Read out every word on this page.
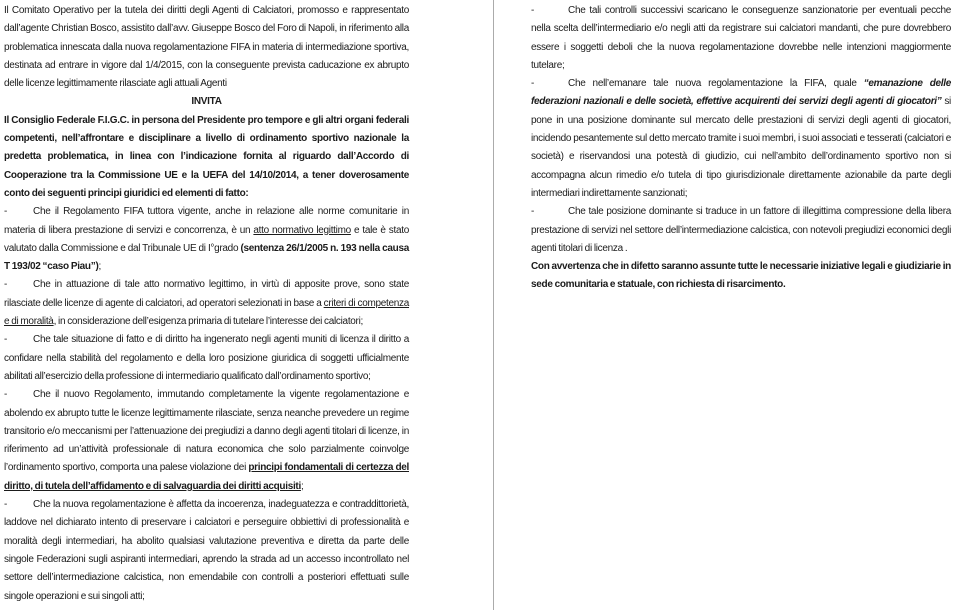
Il Comitato Operativo per la tutela dei diritti degli Agenti di Calciatori, promosso e rappresentato dall’agente Christian Bosco, assistito dall’avv. Giuseppe Bosco del Foro di Napoli, in riferimento alla problematica innescata dalla nuova regolamentazione FIFA in materia di intermediazione sportiva, destinata ad entrare in vigore dal 1/4/2015, con la conseguente prevista caducazione ex abrupto delle licenze legittimamente rilasciate agli attuali Agenti

INVITA

Il Consiglio Federale F.I.G.C. in persona del Presidente pro tempore e gli altri organi federali competenti, nell’affrontare e disciplinare a livello di ordinamento sportivo nazionale la predetta problematica, in linea con l’indicazione fornita al riguardo dall’Accordo di Cooperazione tra la Commissione UE e la UEFA del 14/10/2014, a tener doverosamente conto dei seguenti principi giuridici ed elementi di fatto:

-	Che il Regolamento FIFA tuttora vigente, anche in relazione alle norme comunitarie in materia di libera prestazione di servizi e concorrenza, è un atto normativo legittimo e tale è stato valutato dalla Commissione e dal Tribunale UE di I°grado (sentenza 26/1/2005 n. 193 nella causa T 193/02 “caso Piau”);

-	Che in attuazione di tale atto normativo legittimo, in virtù di apposite prove, sono state rilasciate delle licenze di agente di calciatori, ad operatori selezionati in base a criteri di competenza e di moralità, in considerazione dell’esigenza primaria di tutelare l’interesse dei calciatori;

-	Che tale situazione di fatto e di diritto ha ingenerato negli agenti muniti di licenza il diritto a confidare nella stabilità del regolamento e della loro posizione giuridica di soggetti ufficialmente abilitati all’esercizio della professione di intermediario qualificato dall’ordinamento sportivo;

-	Che il nuovo Regolamento, immutando completamente la vigente regolamentazione e abolendo ex abrupto tutte le licenze legittimamente rilasciate, senza neanche prevedere un regime transitorio e/o meccanismi per l’attenuazione dei pregiudizi a danno degli agenti titolari di licenze, in riferimento ad un’attività professionale di natura economica che solo parzialmente coinvolge l’ordinamento sportivo, comporta una palese violazione dei principi fondamentali di certezza del diritto, di tutela dell’affidamento e di salvaguardia dei diritti acquisiti;

-	Che la nuova regolamentazione è affetta da incoerenza, inadeguatezza e contraddittorietà, laddove nel dichiarato intento di preservare i calciatori e perseguire obbiettivi di professionalità e moralità degli intermediari, ha abolito qualsiasi valutazione preventiva e diretta da parte delle singole Federazioni sugli aspiranti intermediari, aprendo la strada ad un accesso incontrollato nel settore dell’intermediazione calcistica, non emendabile con controlli a posteriori effettuati sulle singole operazioni e sui singoli atti;

-	Che tali controlli successivi scaricano le conseguenze sanzionatorie per eventuali pecche nella scelta dell’intermediario e/o negli atti da registrare sui calciatori mandanti, che pure dovrebbero essere i soggetti deboli che la nuova regolamentazione dovrebbe nelle intenzioni maggiormente tutelare;

-	Che nell’emanare tale nuova regolamentazione la FIFA, quale “emanazione delle federazioni nazionali e delle società, effettive acquirenti dei servizi degli agenti di giocatori” si pone in una posizione dominante sul mercato delle prestazioni di servizi degli agenti di giocatori, incidendo pesantemente sul detto mercato tramite i suoi membri, i suoi associati e tesserati (calciatori e società) e riservandosi una potestà di giudizio, cui nell’ambito dell’ordinamento sportivo non si accompagna alcun rimedio e/o tutela di tipo giurisdizionale direttamente azionabile da parte degli intermediari indirettamente sanzionati;

-	Che tale posizione dominante si traduce in un fattore di illegittima compressione della libera prestazione di servizi nel settore dell’intermediazione calcistica, con notevoli pregiudizi economici degli agenti titolari di licenza .

Con avvertenza che in difetto saranno assunte tutte le necessarie iniziative legali e giudiziarie in sede comunitaria e statuale, con richiesta di risarcimento.
